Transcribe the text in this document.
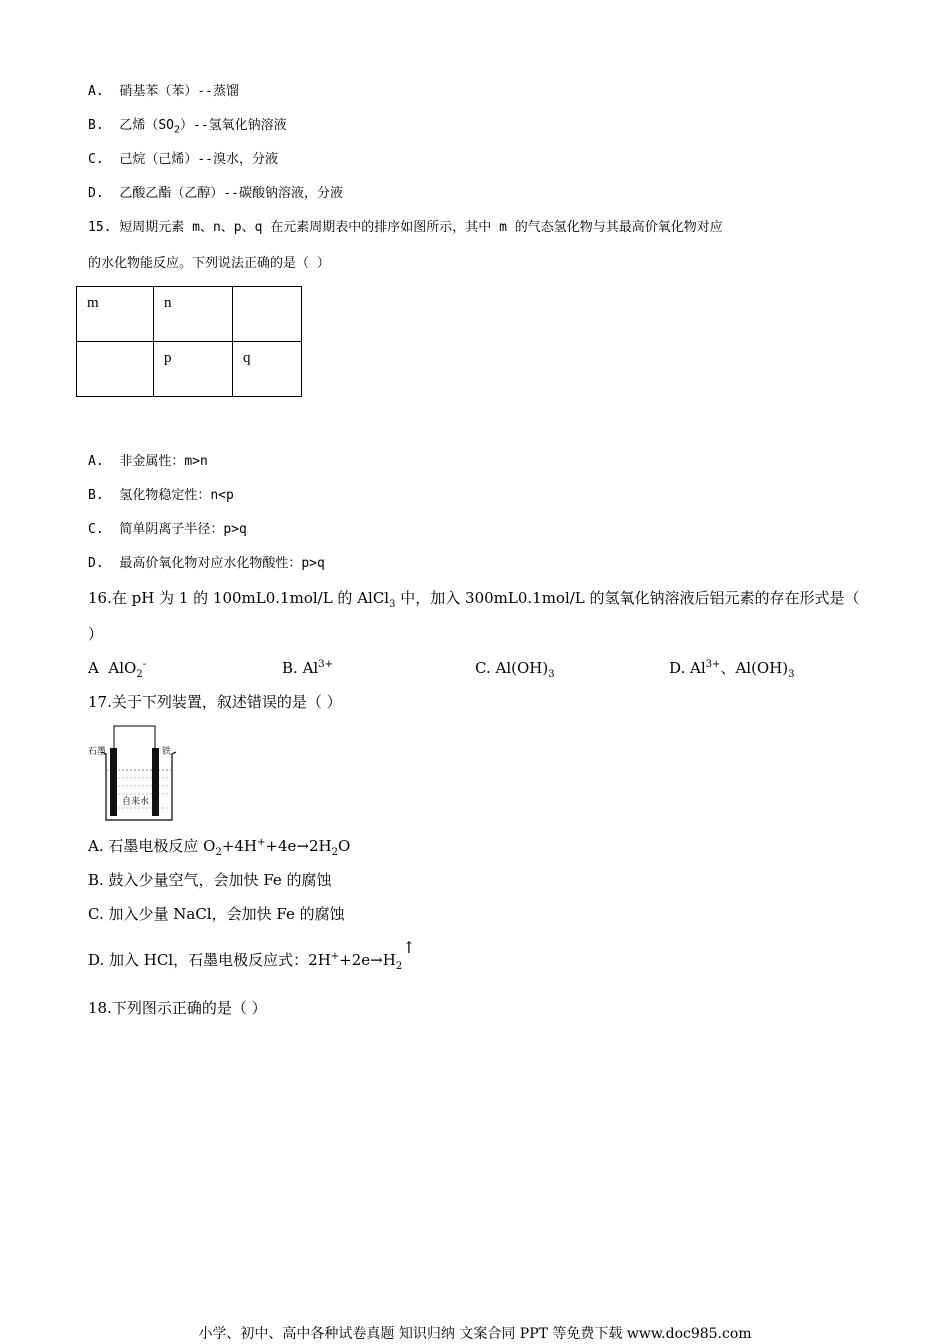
A. 硝基苯（苯）--蒸馏
B. 乙烯$(SO_2)--$氢氧化钠溶液
C. 己烷（己烯）--溴水，分液
D. 乙酸乙酯（乙醇）--碳酸钠溶液，分液
15. 短周期元素 m、n、p、q 在元素周期表中的排序如图所示，其中 m 的气态氢化物与其最高价氧化物对应
的水化物能反应。下列说法正确的是（ ）
m	n	
	p	q
A. 非金属性：m>n
B. 氢化物稳定性：n<p
C. 简单阴离子半径：p>q
D. 最高价氧化物对应水化物酸性：p>q
16.在 pH 为 1 的 100mL0.1mol/L 的 AlCl$_3$ 中，加入 300mL0.1mol/L 的氢氧化钠溶液后铝元素的存在形式是（
）
A AlO$_2$-	B. $Al^{3+}$	C. $Al(OH)_3$	D. $Al^{3+}$、$Al(OH)_3$
17.关于下列装置，叙述错误的是（ ）
石墨	铁
自来水
A. 石墨电极反应 $O_2+4H^++4e\to 2H_2O$
B. 鼓入少量空气，会加快 Fe 的腐蚀
C. 加入少量 NaCl，会加快 Fe 的腐蚀
D. 加入 HCl，石墨电极反应式：$2H^++2e\to H_2↑$
18.下列图示正确的是（ ）
小学、初中、高中各种试卷真题 知识归纳 文案合同 PPT 等免费下载 www.doc985.com
